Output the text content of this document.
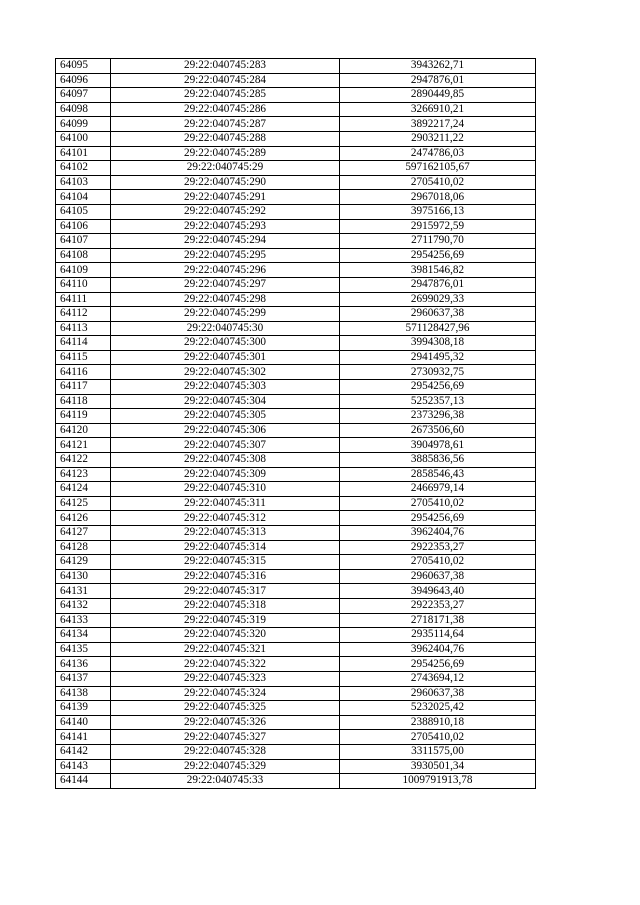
64095	29:22:040745:283	3943262,71
64096	29:22:040745:284	2947876,01
64097	29:22:040745:285	2890449,85
64098	29:22:040745:286	3266910,21
64099	29:22:040745:287	3892217,24
64100	29:22:040745:288	2903211,22
64101	29:22:040745:289	2474786,03
64102	29:22:040745:29	597162105,67
64103	29:22:040745:290	2705410,02
64104	29:22:040745:291	2967018,06
64105	29:22:040745:292	3975166,13
64106	29:22:040745:293	2915972,59
64107	29:22:040745:294	2711790,70
64108	29:22:040745:295	2954256,69
64109	29:22:040745:296	3981546,82
64110	29:22:040745:297	2947876,01
64111	29:22:040745:298	2699029,33
64112	29:22:040745:299	2960637,38
64113	29:22:040745:30	571128427,96
64114	29:22:040745:300	3994308,18
64115	29:22:040745:301	2941495,32
64116	29:22:040745:302	2730932,75
64117	29:22:040745:303	2954256,69
64118	29:22:040745:304	5252357,13
64119	29:22:040745:305	2373296,38
64120	29:22:040745:306	2673506,60
64121	29:22:040745:307	3904978,61
64122	29:22:040745:308	3885836,56
64123	29:22:040745:309	2858546,43
64124	29:22:040745:310	2466979,14
64125	29:22:040745:311	2705410,02
64126	29:22:040745:312	2954256,69
64127	29:22:040745:313	3962404,76
64128	29:22:040745:314	2922353,27
64129	29:22:040745:315	2705410,02
64130	29:22:040745:316	2960637,38
64131	29:22:040745:317	3949643,40
64132	29:22:040745:318	2922353,27
64133	29:22:040745:319	2718171,38
64134	29:22:040745:320	2935114,64
64135	29:22:040745:321	3962404,76
64136	29:22:040745:322	2954256,69
64137	29:22:040745:323	2743694,12
64138	29:22:040745:324	2960637,38
64139	29:22:040745:325	5232025,42
64140	29:22:040745:326	2388910,18
64141	29:22:040745:327	2705410,02
64142	29:22:040745:328	3311575,00
64143	29:22:040745:329	3930501,34
64144	29:22:040745:33	1009791913,78
